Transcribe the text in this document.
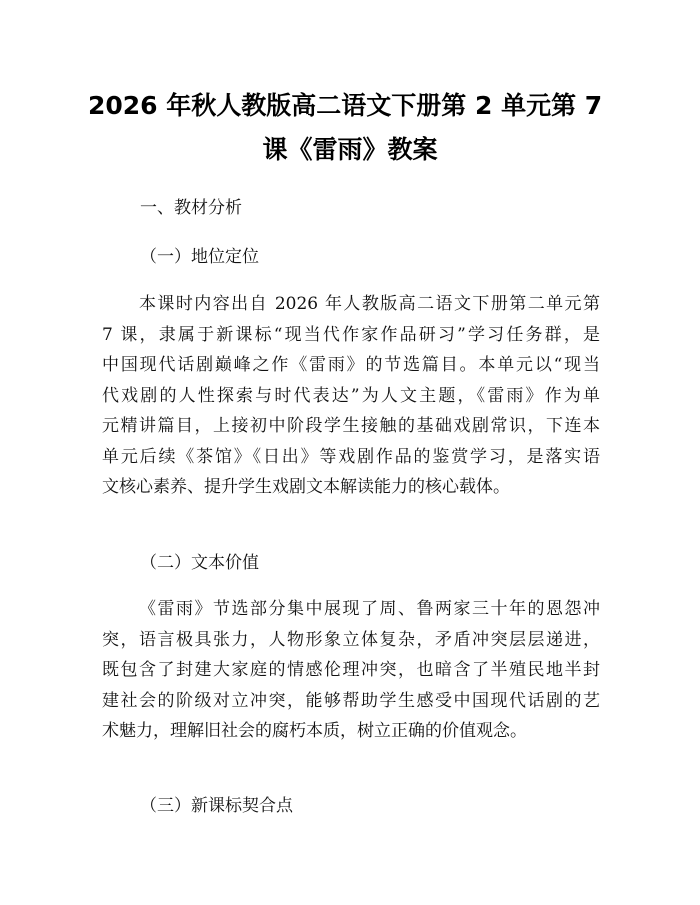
2026 年秋人教版高二语文下册第 2 单元第 7
课《雷雨》教案
一、教材分析
（一）地位定位
本课时内容出自 2026 年人教版高二语文下册第二单元第
7 课，隶属于新课标“现当代作家作品研习”学习任务群，是
中国现代话剧巅峰之作《雷雨》的节选篇目。本单元以“现当
代戏剧的人性探索与时代表达”为人文主题，《雷雨》作为单
元精讲篇目，上接初中阶段学生接触的基础戏剧常识，下连本
单元后续《茶馆》《日出》等戏剧作品的鉴赏学习，是落实语
文核心素养、提升学生戏剧文本解读能力的核心载体。
（二）文本价值
《雷雨》节选部分集中展现了周、鲁两家三十年的恩怨冲
突，语言极具张力，人物形象立体复杂，矛盾冲突层层递进，
既包含了封建大家庭的情感伦理冲突，也暗含了半殖民地半封
建社会的阶级对立冲突，能够帮助学生感受中国现代话剧的艺
术魅力，理解旧社会的腐朽本质，树立正确的价值观念。
（三）新课标契合点
